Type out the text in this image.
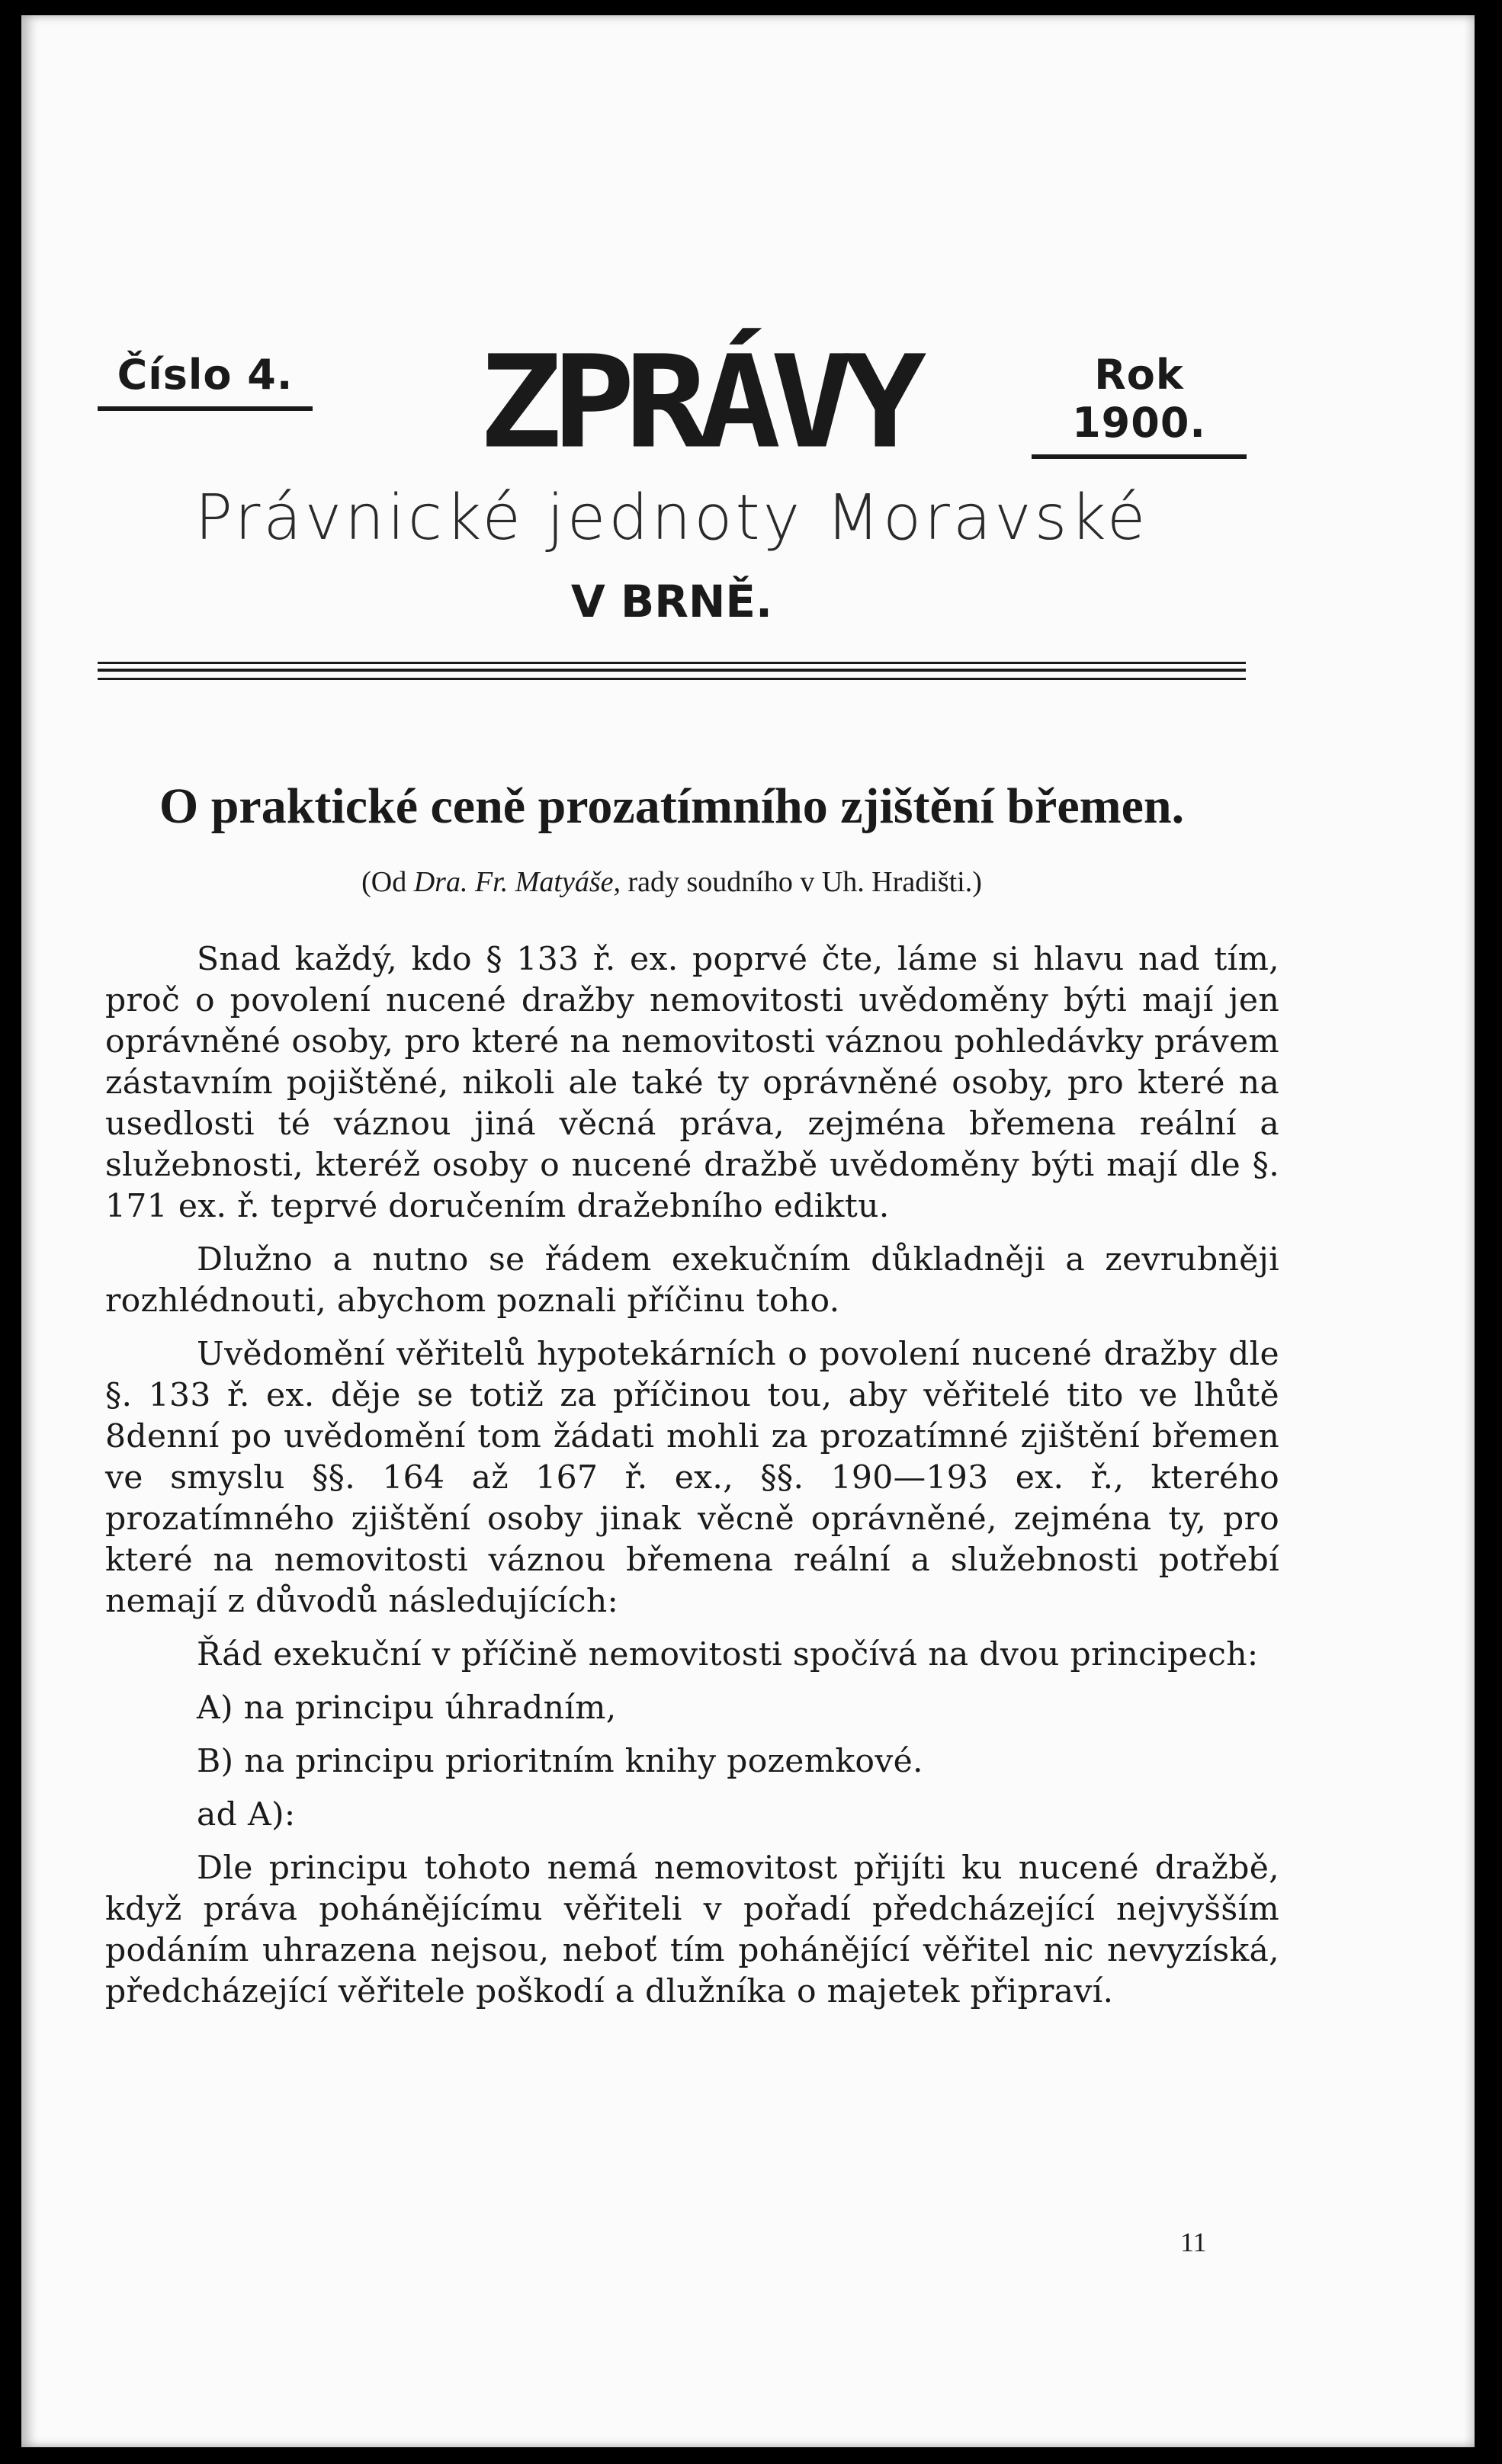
Číslo 4. ZPRÁVY	Rok 1900.
Právnické jednoty Moravské
V BRNĚ.
O praktické ceně prozatímního zjištění břemen.
(Od Dra. Fr. Matyáše, rady soudního v Uh. Hradišti.)

Snad každý, kdo § 133 ř. ex. poprvé čte, láme si hlavu nad tím, proč o povolení nucené dražby nemovitosti uvědoměny býti mají jen oprávněné osoby, pro které na nemovitosti váznou pohledávky právem zástavním pojištěné, nikoli ale také ty oprávněné osoby, pro které na usedlosti té váznou jiná věcná práva, zejména břemena reální a služebnosti, kteréž osoby o nucené dražbě uvědoměny býti mají dle §. 171 ex. ř. teprvé doručením dražebního ediktu.

Dlužno a nutno se řádem exekučním důkladněji a zevrubněji rozhlédnouti, abychom poznali příčinu toho.

Uvědomění věřitelů hypotekárních o povolení nucené dražby dle §. 133 ř. ex. děje se totiž za příčinou tou, aby věřitelé tito ve lhůtě 8denní po uvědomění tom žádati mohli za prozatímné zjištění břemen ve smyslu §§. 164 až 167 ř. ex., §§. 190—193 ex. ř., kterého prozatímného zjištění osoby jinak věcně oprávněné, zejména ty, pro které na nemovitosti váznou břemena reální a služebnosti potřebí nemají z důvodů následujících:

Řád exekuční v příčině nemovitosti spočívá na dvou principech:

A) na principu úhradním,

B) na principu prioritním knihy pozemkové.

ad A):

Dle principu tohoto nemá nemovitost přijíti ku nucené dražbě, když práva pohánějícímu věřiteli v pořadí předcházející nejvyšším podáním uhrazena nejsou, neboť tím pohánějící věřitel nic nevyzíská, předcházející věřitele poškodí a dlužníka o majetek připraví.

11
